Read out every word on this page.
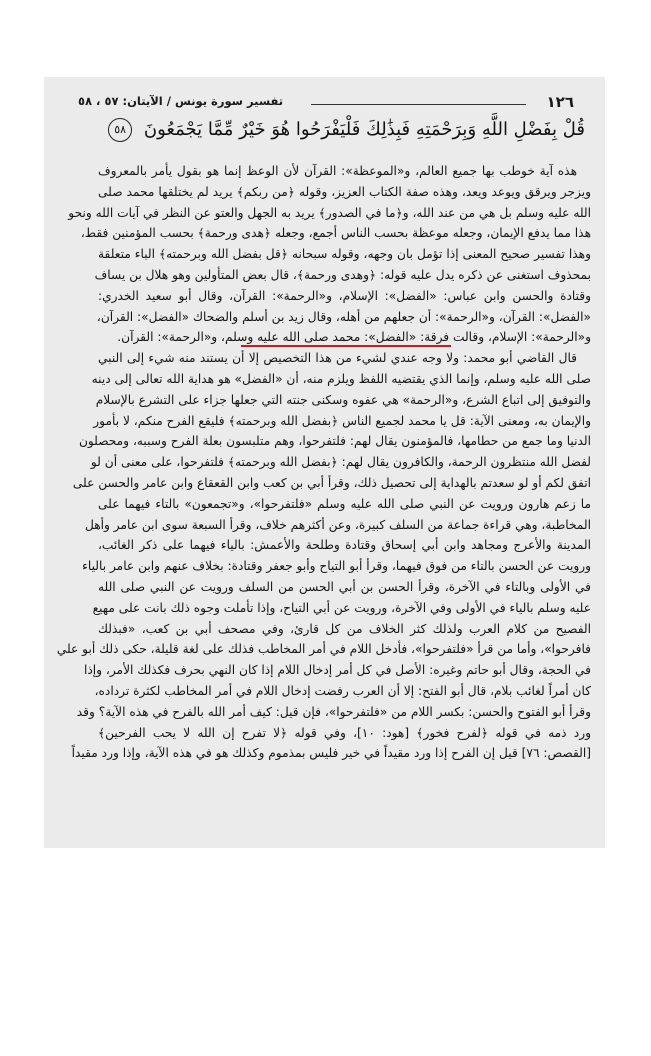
١٢٦
تفسير سورة يونس / الآيتان: ٥٧ ، ٥٨
قُلْ بِفَضْلِ اللَّهِ وَبِرَحْمَتِهِ فَبِذَٰلِكَ فَلْيَفْرَحُوا هُوَ خَيْرٌ مِّمَّا يَجْمَعُونَ ٥٨
هذه آية خوطب بها جميع العالم، و«الموعظة»: القرآن لأن الوعظ إنما هو بقول يأمر بالمعروف
ويزجر ويرقق ويوعد ويعد، وهذه صفة الكتاب العزيز، وقوله ﴿من ربكم﴾ يريد لم يختلقها محمد صلى
الله عليه وسلم بل هي من عند الله، و﴿ما في الصدور﴾ يريد به الجهل والعتو عن النظر في آيات الله ونحو
هذا مما يدفع الإيمان، وجعله موعظة بحسب الناس أجمع، وجعله ﴿هدى ورحمة﴾ بحسب المؤمنين فقط،
وهذا تفسير صحيح المعنى إذا تؤمل بان وجهه، وقوله سبحانه ﴿قل بفضل الله وبرحمته﴾ الباء متعلقة
بمحذوف استغنى عن ذكره يدل عليه قوله: ﴿وهدى ورحمة﴾، قال بعض المتأولين وهو هلال بن يساف
وقتادة والحسن وابن عباس: «الفضل»: الإسلام، و«الرحمة»: القرآن، وقال أبو سعيد الخدري:
«الفضل»: القرآن، و«الرحمة»: أن جعلهم من أهله، وقال زيد بن أسلم والضحاك «الفضل»: القرآن،
و«الرحمة»: الإسلام، وقالت فرقة: «الفضل»: محمد صلى الله عليه وسلم، و«الرحمة»: القرآن.
قال القاضي أبو محمد: ولا وجه عندي لشيء من هذا التخصيص إلا أن يستند منه شيء إلى النبي
صلى الله عليه وسلم، وإنما الذي يقتضيه اللفظ ويلزم منه، أن «الفضل» هو هداية الله تعالى إلى دينه
والتوفيق إلى اتباع الشرع، و«الرحمة» هي عفوه وسكنى جنته التي جعلها جزاء على التشرع بالإسلام
والإيمان به، ومعنى الآية: قل يا محمد لجميع الناس ﴿بفضل الله وبرحمته﴾ فليقع الفرح منكم، لا بأمور
الدنيا وما جمع من حطامها، فالمؤمنون يقال لهم: فلتفرحوا، وهم متلبسون بعلة الفرح وسببه، ومحصلون
لفضل الله منتظرون الرحمة، والكافرون يقال لهم: ﴿بفضل الله وبرحمته﴾ فلتفرحوا، على معنى أن لو
اتفق لكم أو لو سعدتم بالهداية إلى تحصيل ذلك، وقرأ أبي بن كعب وابن القعقاع وابن عامر والحسن على
ما زعم هارون ورويت عن النبي صلى الله عليه وسلم «فلتفرحوا»، و«تجمعون» بالتاء فيهما على
المخاطبة، وهي قراءة جماعة من السلف كبيرة، وعن أكثرهم خلاف، وقرأ السبعة سوى ابن عامر وأهل
المدينة والأعرج ومجاهد وابن أبي إسحاق وقتادة وطلحة والأعمش: بالياء فيهما على ذكر الغائب،
ورويت عن الحسن بالتاء من فوق فيهما، وقرأ أبو التياح وأبو جعفر وقتادة: بخلاف عنهم وابن عامر بالياء
في الأولى وبالتاء في الآخرة، وقرأ الحسن بن أبي الحسن من السلف ورويت عن النبي صلى الله
عليه وسلم بالياء في الأولى وفي الآخرة، ورويت عن أبي التياح، وإذا تأملت وجوه ذلك بانت على مهيع
الفصيح من كلام العرب ولذلك كثر الخلاف من كل قارئ، وفي مصحف أبي بن كعب، «فبذلك
فافرحوا»، وأما من قرأ «فلتفرحوا»، فأدخل اللام في أمر المخاطب فذلك على لغة قليلة، حكى ذلك أبو علي
في الحجة، وقال أبو حاتم وغيره: الأصل في كل أمر إدخال اللام إذا كان النهي بحرف فكذلك الأمر، وإذا
كان أمراً لغائب بلام، قال أبو الفتح: إلا أن العرب رفضت إدخال اللام في أمر المخاطب لكثرة ترداده،
وقرأ أبو الفتوح والحسن: بكسر اللام من «فلتفرحوا»، فإن قيل: كيف أمر الله بالفرح في هذه الآية؟ وقد
ورد ذمه في قوله ﴿لفرح فخور﴾ [هود: ١٠]، وفي قوله ﴿لا تفرح إن الله لا يحب الفرحين﴾
[القصص: ٧٦] قيل إن الفرح إذا ورد مقيداً في خير فليس بمذموم وكذلك هو في هذه الآية، وإذا ورد مقيداً
